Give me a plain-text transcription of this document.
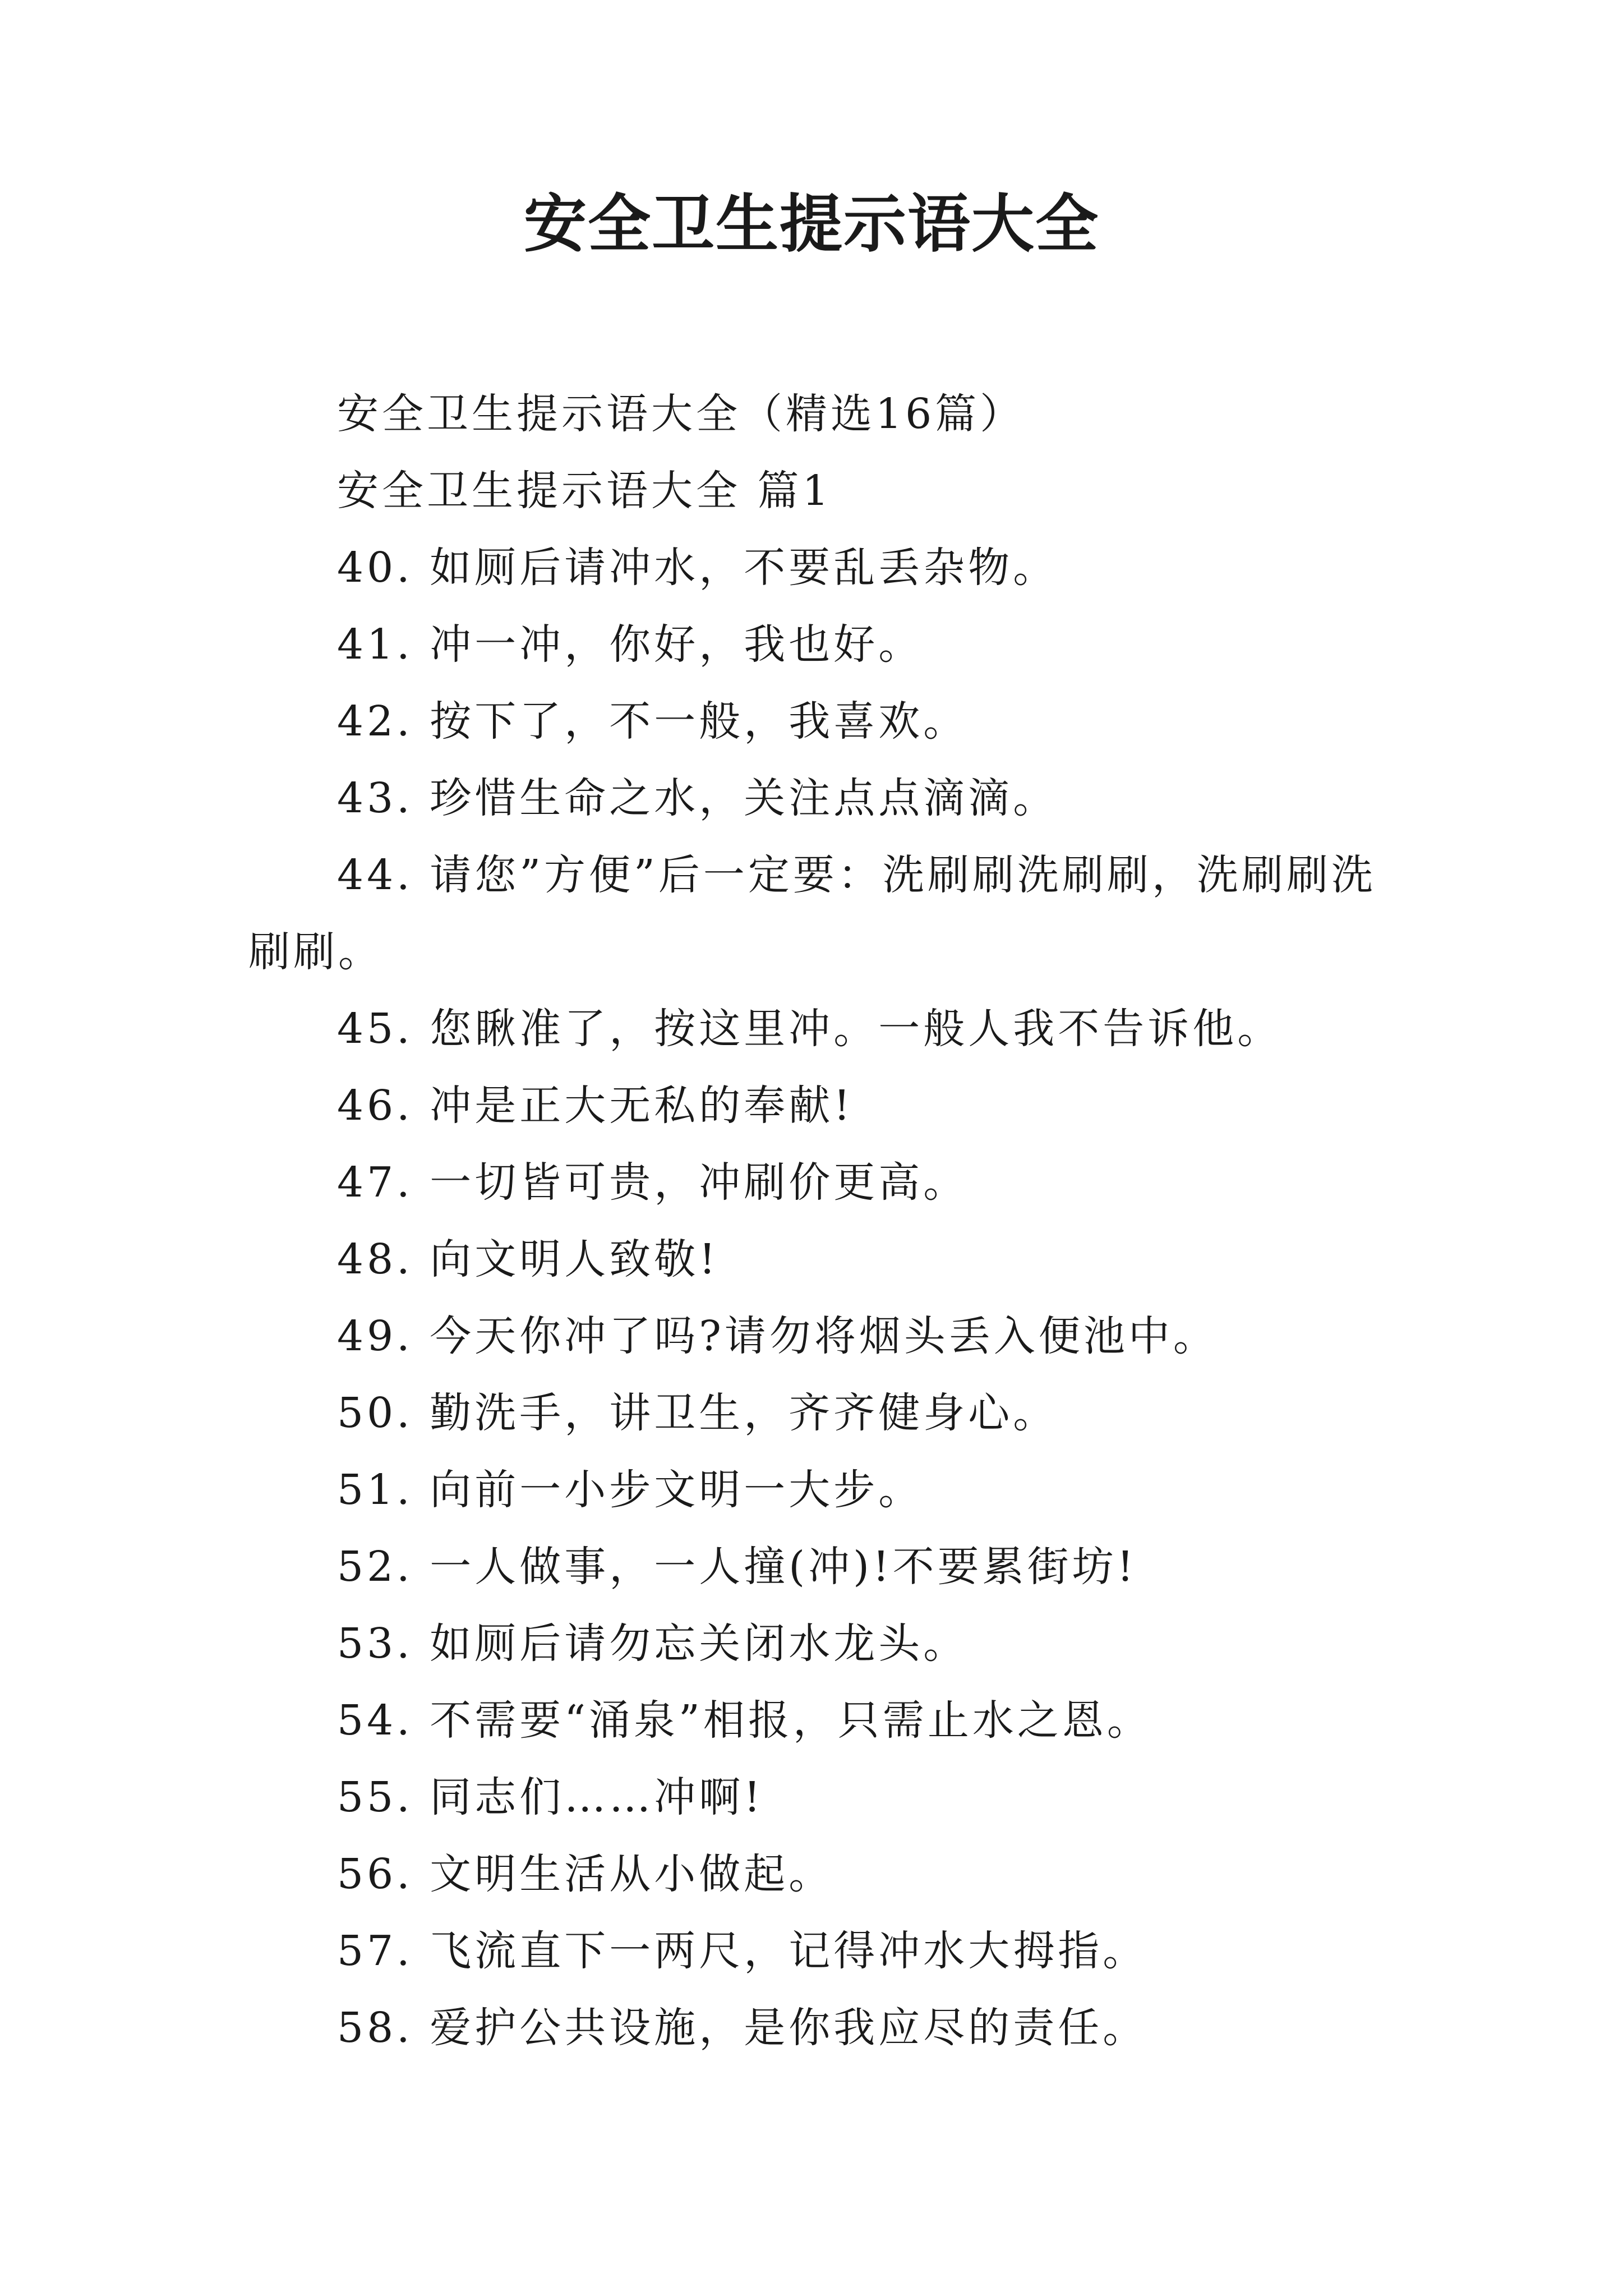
安全卫生提示语大全

安全卫生提示语大全（精选16篇）

安全卫生提示语大全 篇1

40. 如厕后请冲水，不要乱丢杂物。

41. 冲一冲，你好，我也好。

42. 按下了，不一般，我喜欢。

43. 珍惜生命之水，关注点点滴滴。

44. 请您”方便”后一定要：洗刷刷洗刷刷，洗刷刷洗刷刷。

45. 您瞅准了，按这里冲。一般人我不告诉他。

46. 冲是正大无私的奉献!

47. 一切皆可贵，冲刷价更高。

48. 向文明人致敬!

49. 今天你冲了吗?请勿将烟头丢入便池中。

50. 勤洗手，讲卫生，齐齐健身心。

51. 向前一小步文明一大步。

52. 一人做事，一人撞(冲)!不要累街坊!

53. 如厕后请勿忘关闭水龙头。

54. 不需要“涌泉”相报，只需止水之恩。

55. 同志们……冲啊!

56. 文明生活从小做起。

57. 飞流直下一两尺，记得冲水大拇指。

58. 爱护公共设施，是你我应尽的责任。
